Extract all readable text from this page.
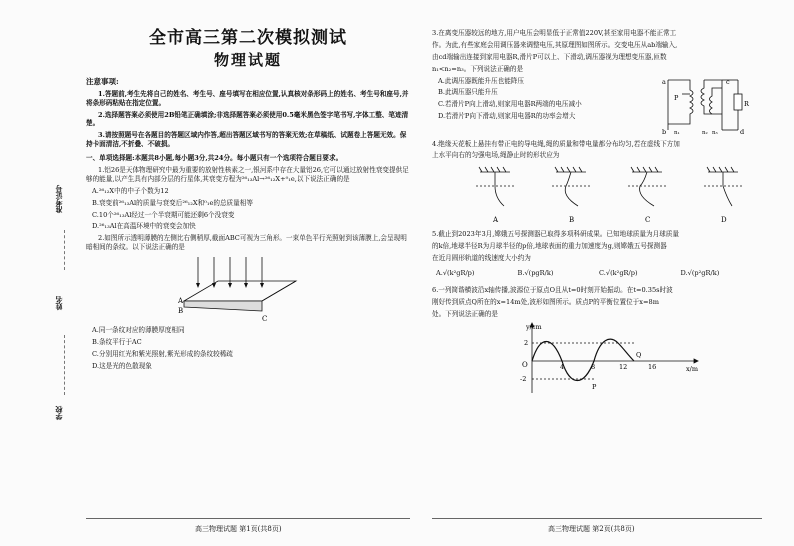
准考证号
姓名
学校
全市高三第二次模拟测试
物理试题
注意事项:
1.答题前,考生先将自己的姓名、考生号、座号填写在相应位置,认真核对条形码上的姓名、考生号和座号,并将条形码粘贴在指定位置。
2.选择题答案必须使用2B铅笔正确填涂;非选择题答案必须使用0.5毫米黑色签字笔书写,字体工整、笔迹清楚。
3.请按照题号在各题目的答题区域内作答,超出答题区域书写的答案无效;在草稿纸、试题卷上答题无效。保持卡面清洁,不折叠、不破损。
一、单项选择题:本题共8小题,每小题3分,共24分。每小题只有一个选项符合题目要求。
1.铝26是天体物理研究中最为重要的放射性核素之一,银河系中存在大量铝26,它可以通过放射性衰变提供足够的能量,以产生具有内部分层的行星体,其衰变方程为²⁶₁₃Al→²⁶₁₂X+⁰₁e,以下说法正确的是
A.²⁶₁₂X中的中子个数为12
B.衰变前²⁶₁₃Al的质量与衰变后²⁶₁₂X和⁰₁e的总质量相等
C.10个²⁶₁₃Al经过一个半衰期可能还剩6个没衰变
D.²⁶₁₃Al在高温环境中的衰变会加快
2.如图所示透明薄膜的左侧比右侧稍厚,截面ABC可视为三角形。一束单色平行光照射到该薄膜上,会呈现明暗相间的条纹。以下说法正确的是
A
B
C
A.同一条纹对应的薄膜厚度相同
B.条纹平行于AC
C.分别用红光和紫光照射,紫光形成的条纹较稀疏
D.这是光的色散现象
高三物理试题 第1页(共8页)
3.在离变压器较远的地方,用户电压会明显低于正常值220V,甚至家用电器不能正常工
作。为此,有些家庭会用调压器来调整电压,其原理图如图所示。交变电压从ab端输入,
由cd端输出连接到家用电器R,滑片P可以上、下滑动,调压器视为理想变压器,匝数
n₁<n₂=n₃。下列说法正确的是
A.此调压器既能升压也能降压
B.此调压器只能升压
C.若滑片P向上滑动,则家用电器R两端的电压减小
D.若滑片P向下滑动,则家用电器R的功率会增大
a
b
c
d
P
R
n₁	n₂ n₃
4.绝缘天花板上悬挂有带正电的导电绳,绳的质量和带电量都分布均匀,若在虚线下方加
上水平向右的匀强电场,绳静止时的形状应为
A	B	C	D
5.截止到2023年3月,嫦娥五号探测器已取得多项科研成果。已知地球质量为月球质量
的k倍,地球半径R为月球半径的p倍,地球表面的重力加速度为g,则嫦娥五号探测器
在近月圆形轨道的线速度大小约为
A.√(k²gR/p)	B.√(pgR/k)	C.√(k²gR/p)	D.√(p²gR/k)
6.一列简谐横波沿x轴传播,波源位于原点O且从t=0时刻开始振动。在t=0.35s时波
刚好传到质点Q所在的x=14m处,波形如图所示。质点P的平衡位置位于x=8m
处。下列说法正确的是
y/cm
x/m
O
2
-2
4	8	12	16
P
Q
高三物理试题 第2页(共8页)
